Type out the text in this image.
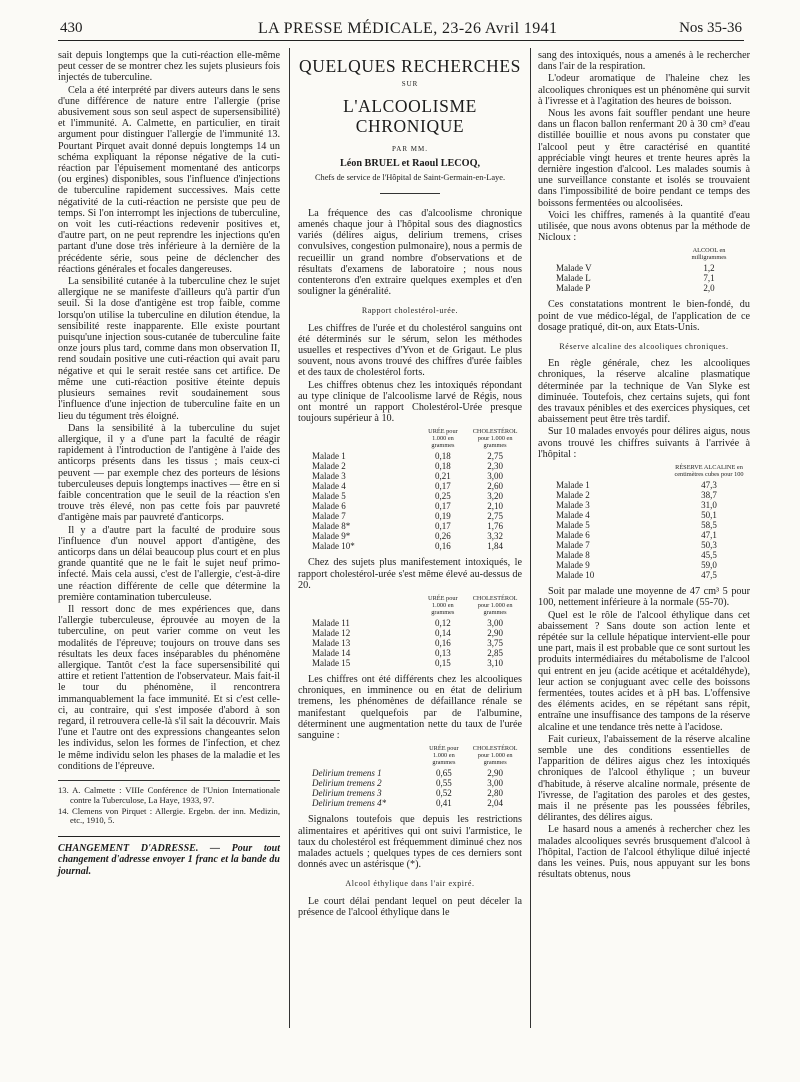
430	LA PRESSE MÉDICALE, 23-26 Avril 1941	Nos 35-36

sait depuis longtemps que la cuti-réaction elle-même peut cesser de se montrer chez les sujets plusieurs fois injectés de tuberculine.

Cela a été interprété par divers auteurs dans le sens d'une différence de nature entre l'allergie (prise abusivement sous son seul aspect de supersensibilité) et l'immunité. A. Calmette, en particulier, en tirait argument pour distinguer l'allergie de l'immunité 13. Pourtant Pirquet avait donné depuis longtemps 14 un schéma expliquant la réponse négative de la cuti-réaction par l'épuisement momentané des anticorps (ou ergines) disponibles, sous l'influence d'injections de tuberculine rapidement successives. Mais cette négativité de la cuti-réaction ne persiste que peu de temps. Si l'on interrompt les injections de tuberculine, on voit les cuti-réactions redevenir positives et, d'autre part, on ne peut reprendre les injections qu'en partant d'une dose très inférieure à la dernière de la précédente série, sous peine de déclencher des réactions générales et focales dangereuses.

La sensibilité cutanée à la tuberculine chez le sujet allergique ne se manifeste d'ailleurs qu'à partir d'un seuil. Si la dose d'antigène est trop faible, comme lorsqu'on utilise la tuberculine en dilution étendue, la sensibilité reste inapparente. Elle existe pourtant puisqu'une injection sous-cutanée de tuberculine faite onze jours plus tard, comme dans mon observation II, rend soudain positive une cuti-réaction qui avait paru négative et qui le serait restée sans cet artifice. De même une cuti-réaction positive éteinte depuis plusieurs semaines revit soudainement sous l'influence d'une injection de tuberculine faite en un lieu du tégument très éloigné.

Dans la sensibilité à la tuberculine du sujet allergique, il y a d'une part la faculté de réagir rapidement à l'introduction de l'antigène à l'aide des anticorps présents dans les tissus ; mais ceux-ci peuvent — par exemple chez des porteurs de lésions tuberculeuses depuis longtemps inactives — être en si faible concentration que le seuil de la réaction s'en trouve très élevé, non pas cette fois par pauvreté d'antigène mais par pauvreté d'anticorps.

Il y a d'autre part la faculté de produire sous l'influence d'un nouvel apport d'antigène, des anticorps dans un délai beaucoup plus court et en plus grande quantité que ne le fait le sujet neuf primo-infecté. Mais cela aussi, c'est de l'allergie, c'est-à-dire une réaction différente de celle que détermine la première contamination tuberculeuse.

Il ressort donc de mes expériences que, dans l'allergie tuberculeuse, éprouvée au moyen de la tuberculine, on peut varier comme on veut les modalités de l'épreuve; toujours on trouve dans ses résultats les deux faces inséparables du phénomène allergique. Tantôt c'est la face supersensibilité qui attire et retient l'attention de l'observateur. Mais fait-il le tour du phénomène, il rencontrera immanquablement la face immunité. Et si c'est celle-ci, au contraire, qui s'est imposée d'abord à son regard, il retrouvera celle-là s'il sait la découvrir. Mais l'une et l'autre ont des expressions changeantes selon les individus, selon les formes de l'infection, et chez le même individu selon les phases de la maladie et les conditions de l'épreuve.

13. A. Calmette : VIIIe Conférence de l'Union Internationale contre la Tuberculose, La Haye, 1933, 97.

14. Clemens von Pirquet : Allergie. Ergebn. der inn. Medizin, etc., 1910, 5.

CHANGEMENT D'ADRESSE. — Pour tout changement d'adresse envoyer 1 franc et la bande du journal.

QUELQUES RECHERCHES
SUR
L'ALCOOLISME CHRONIQUE
PAR MM.
Léon BRUEL et Raoul LECOQ,
Chefs de service de l'Hôpital de Saint-Germain-en-Laye.

La fréquence des cas d'alcoolisme chronique amenés chaque jour à l'hôpital sous des diagnostics variés (délires aigus, delirium tremens, crises convulsives, congestion pulmonaire), nous a permis de recueillir un grand nombre d'observations et de résultats d'examens de laboratoire ; nous nous contenterons d'en extraire quelques exemples et d'en souligner la généralité.

Rapport cholestérol-urée.

Les chiffres de l'urée et du cholestérol sanguins ont été déterminés sur le sérum, selon les méthodes usuelles et respectives d'Yvon et de Grigaut. Le plus souvent, nous avons trouvé des chiffres d'urée faibles et des taux de cholestérol forts.

Les chiffres obtenus chez les intoxiqués répondant au type clinique de l'alcoolisme larvé de Régis, nous ont montré un rapport Cholestérol-Urée presque toujours supérieur à 10.

	URÉE pour 1.000 en grammes	CHOLESTÉROL pour 1.000 en grammes
Malade 1	0,18	2,75
Malade 2	0,18	2,30
Malade 3	0,21	3,00
Malade 4	0,17	2,60
Malade 5	0,25	3,20
Malade 6	0,17	2,10
Malade 7	0,19	2,75
Malade 8*	0,17	1,76
Malade 9*	0,26	3,32
Malade 10*	0,16	1,84

Chez des sujets plus manifestement intoxiqués, le rapport cholestérol-urée s'est même élevé au-dessus de 20.

	URÉE pour 1.000 en grammes	CHOLESTÉROL pour 1.000 en grammes
Malade 11	0,12	3,00
Malade 12	0,14	2,90
Malade 13	0,16	3,75
Malade 14	0,13	2,85
Malade 15	0,15	3,10

Les chiffres ont été différents chez les alcooliques chroniques, en imminence ou en état de delirium tremens, les phénomènes de défaillance rénale se manifestant quelquefois par de l'albumine, déterminent une augmentation nette du taux de l'urée sanguine :

	URÉE pour 1.000 en grammes	CHOLESTÉROL pour 1.000 en grammes
Delirium tremens 1	0,65	2,90
Delirium tremens 2	0,55	3,00
Delirium tremens 3	0,52	2,80
Delirium tremens 4*	0,41	2,04

Signalons toutefois que depuis les restrictions alimentaires et apéritives qui ont suivi l'armistice, le taux du cholestérol est fréquemment diminué chez nos malades actuels ; quelques types de ces derniers sont donnés avec un astérisque (*).

Alcool éthylique dans l'air expiré.

Le court délai pendant lequel on peut déceler la présence de l'alcool éthylique dans le

sang des intoxiqués, nous a amenés à le rechercher dans l'air de la respiration.

L'odeur aromatique de l'haleine chez les alcooliques chroniques est un phénomène qui survit à l'ivresse et à l'agitation des heures de boisson.

Nous les avons fait souffler pendant une heure dans un flacon ballon renfermant 20 à 30 cm³ d'eau distillée bouillie et nous avons pu constater que l'alcool peut y être caractérisé en quantité appréciable vingt heures et trente heures après la dernière ingestion d'alcool. Les malades soumis à une surveillance constante et isolés se trouvaient dans l'impossibilité de boire pendant ce temps des boissons fermentées ou alcoolisées.

Voici les chiffres, ramenés à la quantité d'eau utilisée, que nous avons obtenus par la méthode de Nicloux :

	ALCOOL en milligrammes
Malade V	1,2
Malade L	7,1
Malade P	2,0

Ces constatations montrent le bien-fondé, du point de vue médico-légal, de l'application de ce dosage pratiqué, dit-on, aux Etats-Unis.

Réserve alcaline des alcooliques chroniques.

En règle générale, chez les alcooliques chroniques, la réserve alcaline plasmatique déterminée par la technique de Van Slyke est diminuée. Toutefois, chez certains sujets, qui font des travaux pénibles et des exercices physiques, cet abaissement peut être très tardif.

Sur 10 malades envoyés pour délires aigus, nous avons trouvé les chiffres suivants à l'arrivée à l'hôpital :

	RÉSERVE ALCALINE en centimètres cubes pour 100
Malade 1	47,3
Malade 2	38,7
Malade 3	31,0
Malade 4	50,1
Malade 5	58,5
Malade 6	47,1
Malade 7	50,3
Malade 8	45,5
Malade 9	59,0
Malade 10	47,5

Soit par malade une moyenne de 47 cm³ 5 pour 100, nettement inférieure à la normale (55-70).

Quel est le rôle de l'alcool éthylique dans cet abaissement ? Sans doute son action lente et répétée sur la cellule hépatique intervient-elle pour une part, mais il est probable que ce sont surtout les produits intermédiaires du métabolisme de l'alcool qui entrent en jeu (acide acétique et acétaldéhyde), leur action se conjuguant avec celle des boissons fermentées, toutes acides et à pH bas. L'offensive des éléments acides, en se répétant sans répit, entraîne une insuffisance des tampons de la réserve alcaline et une tendance très nette à l'acidose.

Fait curieux, l'abaissement de la réserve alcaline semble une des conditions essentielles de l'apparition de délires aigus chez les intoxiqués chroniques de l'alcool éthylique ; un buveur d'habitude, à réserve alcaline normale, présente de l'ivresse, de l'agitation des paroles et des gestes, mais il ne présente pas les poussées fébriles, délirantes, des délires aigus.

Le hasard nous a amenés à rechercher chez les malades alcooliques sevrés brusquement d'alcool à l'hôpital, l'action de l'alcool éthylique dilué injecté dans les veines. Puis, nous appuyant sur les bons résultats obtenus, nous
